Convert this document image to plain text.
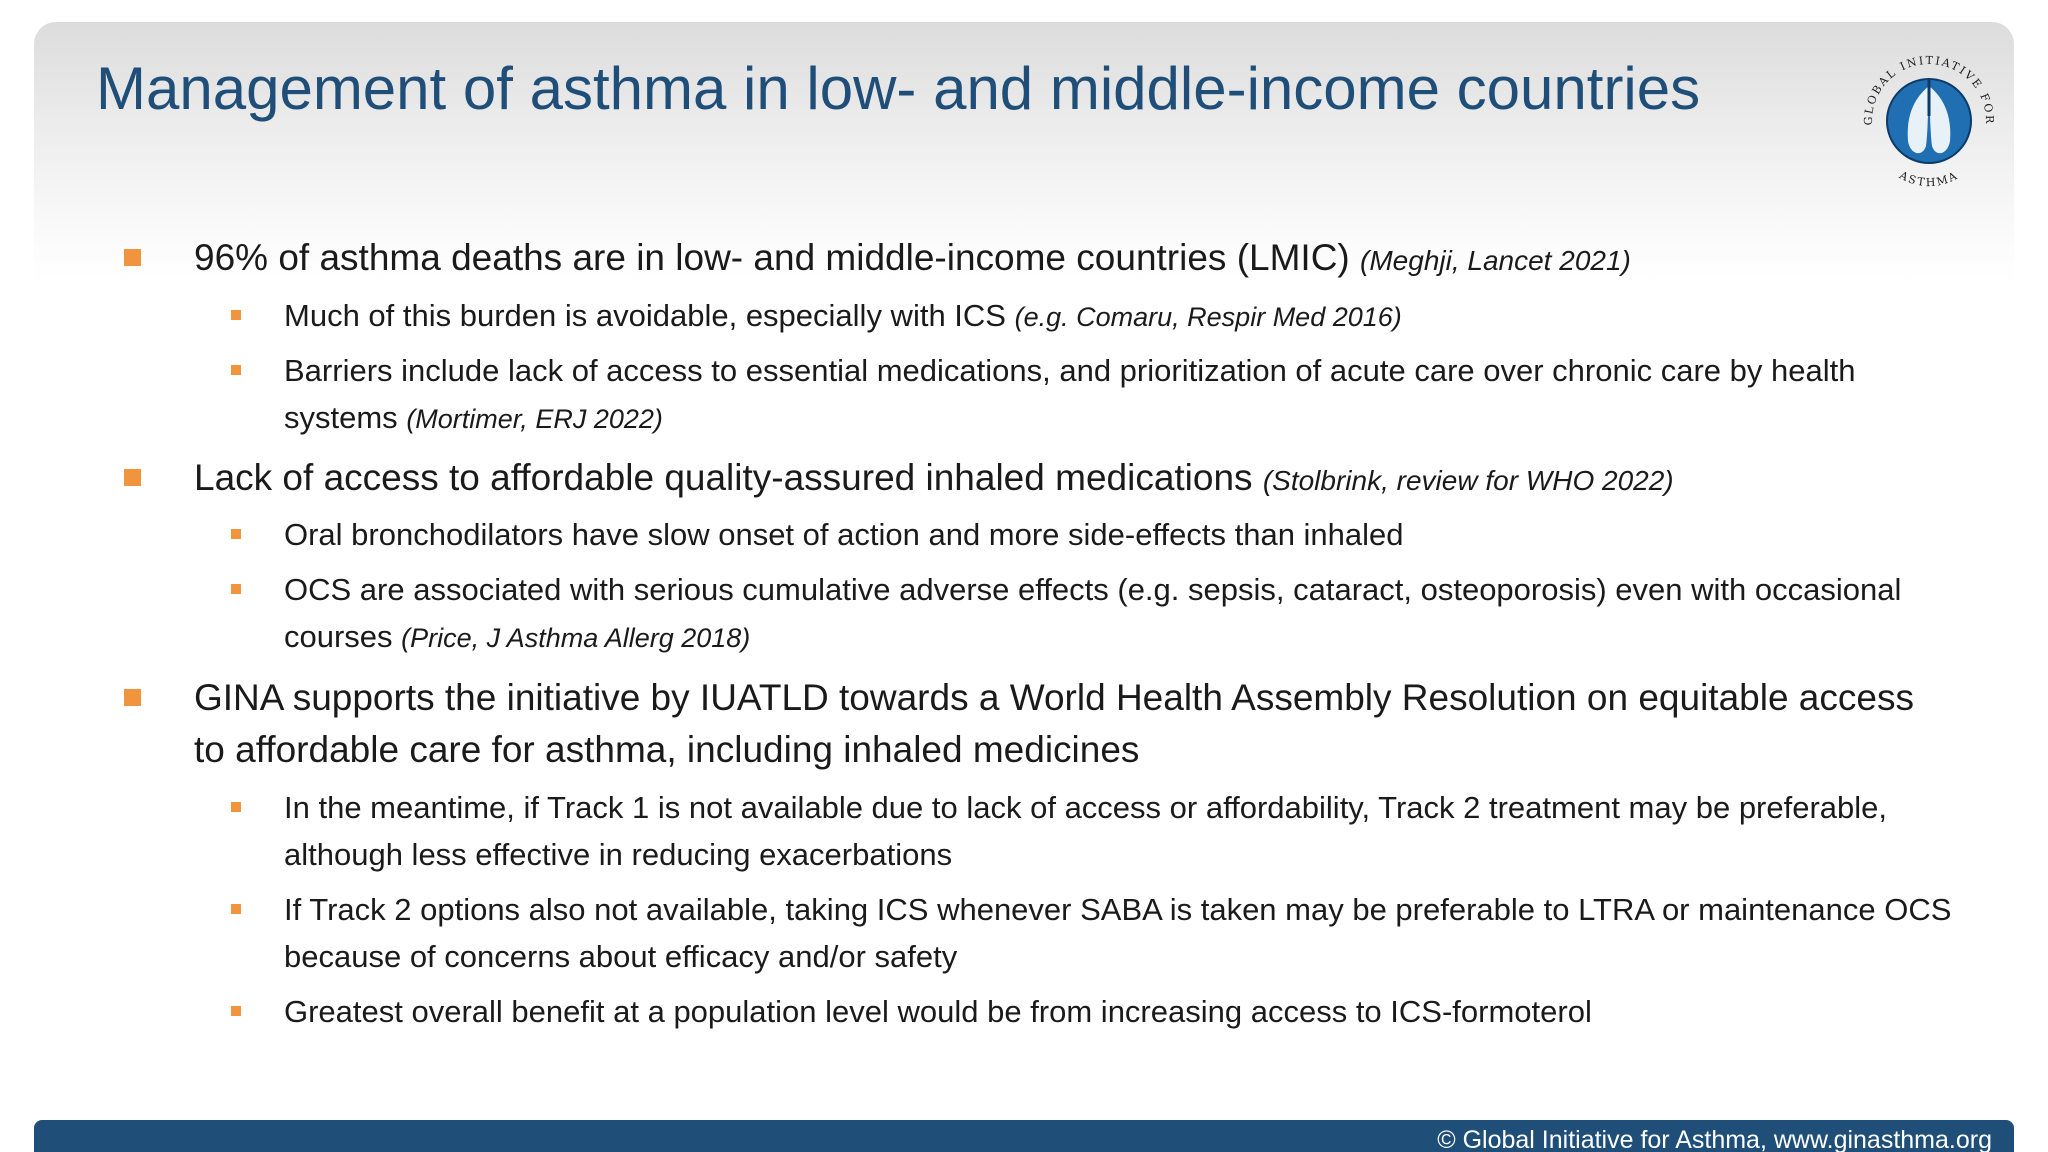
Management of asthma in low- and middle-income countries	GLOBAL INITIATIVE FOR
ASTHMA
96% of asthma deaths are in low- and middle-income countries (LMIC) (Meghji, Lancet 2021)
Much of this burden is avoidable, especially with ICS (e.g. Comaru, Respir Med 2016)
Barriers include lack of access to essential medications, and prioritization of acute care over chronic care by health systems (Mortimer, ERJ 2022)
Lack of access to affordable quality-assured inhaled medications (Stolbrink, review for WHO 2022)
Oral bronchodilators have slow onset of action and more side-effects than inhaled
OCS are associated with serious cumulative adverse effects (e.g. sepsis, cataract, osteoporosis) even with occasional courses (Price, J Asthma Allerg 2018)
GINA supports the initiative by IUATLD towards a World Health Assembly Resolution on equitable access to affordable care for asthma, including inhaled medicines
In the meantime, if Track 1 is not available due to lack of access or affordability, Track 2 treatment may be preferable, although less effective in reducing exacerbations
If Track 2 options also not available, taking ICS whenever SABA is taken may be preferable to LTRA or maintenance OCS because of concerns about efficacy and/or safety
Greatest overall benefit at a population level would be from increasing access to ICS-formoterol
© Global Initiative for Asthma, www.ginasthma.org
